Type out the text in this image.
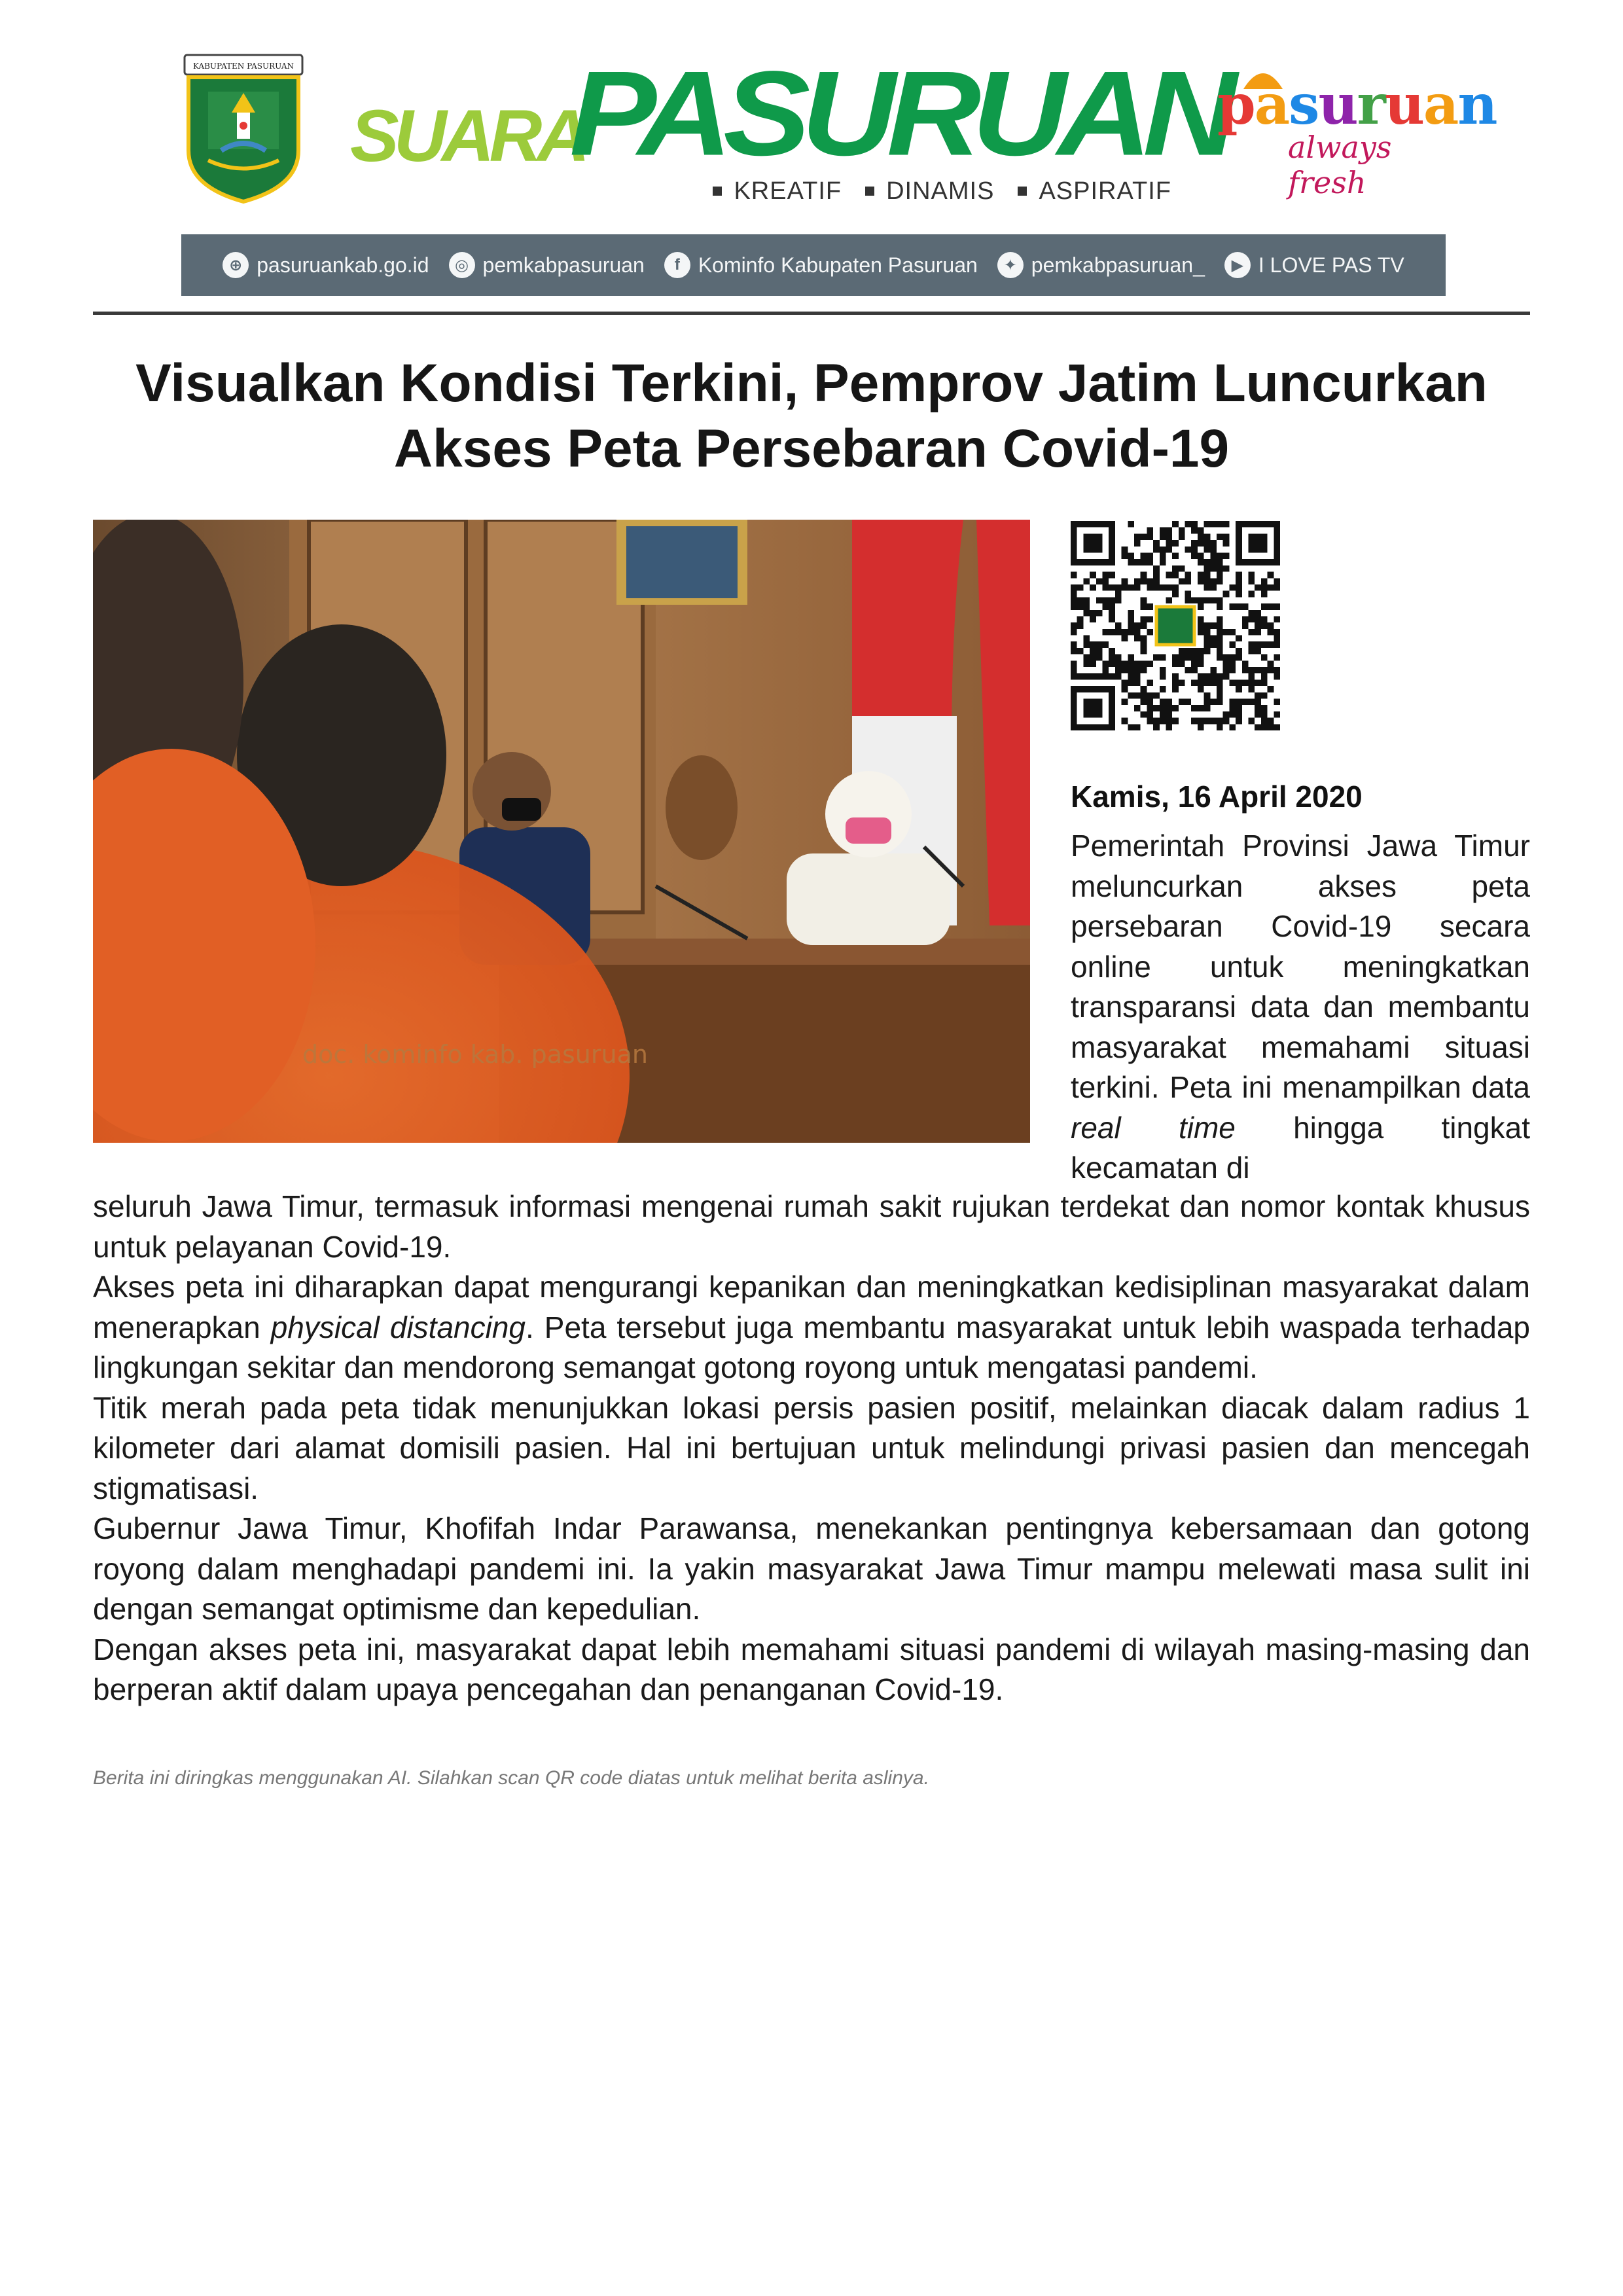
KABUPATEN PASURUAN
SUARA
PASURUAN
KREATIF DINAMIS ASPIRATIF
pasuruan
always fresh
⊕ pasuruankab.go.id	◎ pemkabpasuruan	f Kominfo Kabupaten Pasuruan	✦ pemkabpasuruan_	▶ I LOVE PAS TV
Visualkan Kondisi Terkini, Pemprov Jatim Luncurkan
Akses Peta Persebaran Covid-19
doc. kominfo kab. pasuruan
Kamis, 16 April 2020
Pemerintah Provinsi Jawa Timur meluncurkan akses peta persebaran Covid-19 secara online untuk meningkatkan transparansi data dan membantu masyarakat memahami situasi terkini. Peta ini menampilkan data real time hingga tingkat kecamatan di
seluruh Jawa Timur, termasuk informasi mengenai rumah sakit rujukan terdekat dan nomor kontak khusus untuk pelayanan Covid-19.
Akses peta ini diharapkan dapat mengurangi kepanikan dan meningkatkan kedisiplinan masyarakat dalam menerapkan physical distancing. Peta tersebut juga membantu masyarakat untuk lebih waspada terhadap lingkungan sekitar dan mendorong semangat gotong royong untuk mengatasi pandemi.
Titik merah pada peta tidak menunjukkan lokasi persis pasien positif, melainkan diacak dalam radius 1 kilometer dari alamat domisili pasien. Hal ini bertujuan untuk melindungi privasi pasien dan mencegah stigmatisasi.
Gubernur Jawa Timur, Khofifah Indar Parawansa, menekankan pentingnya kebersamaan dan gotong royong dalam menghadapi pandemi ini. Ia yakin masyarakat Jawa Timur mampu melewati masa sulit ini dengan semangat optimisme dan kepedulian.
Dengan akses peta ini, masyarakat dapat lebih memahami situasi pandemi di wilayah masing-masing dan berperan aktif dalam upaya pencegahan dan penanganan Covid-19.
Berita ini diringkas menggunakan AI. Silahkan scan QR code diatas untuk melihat berita aslinya.
